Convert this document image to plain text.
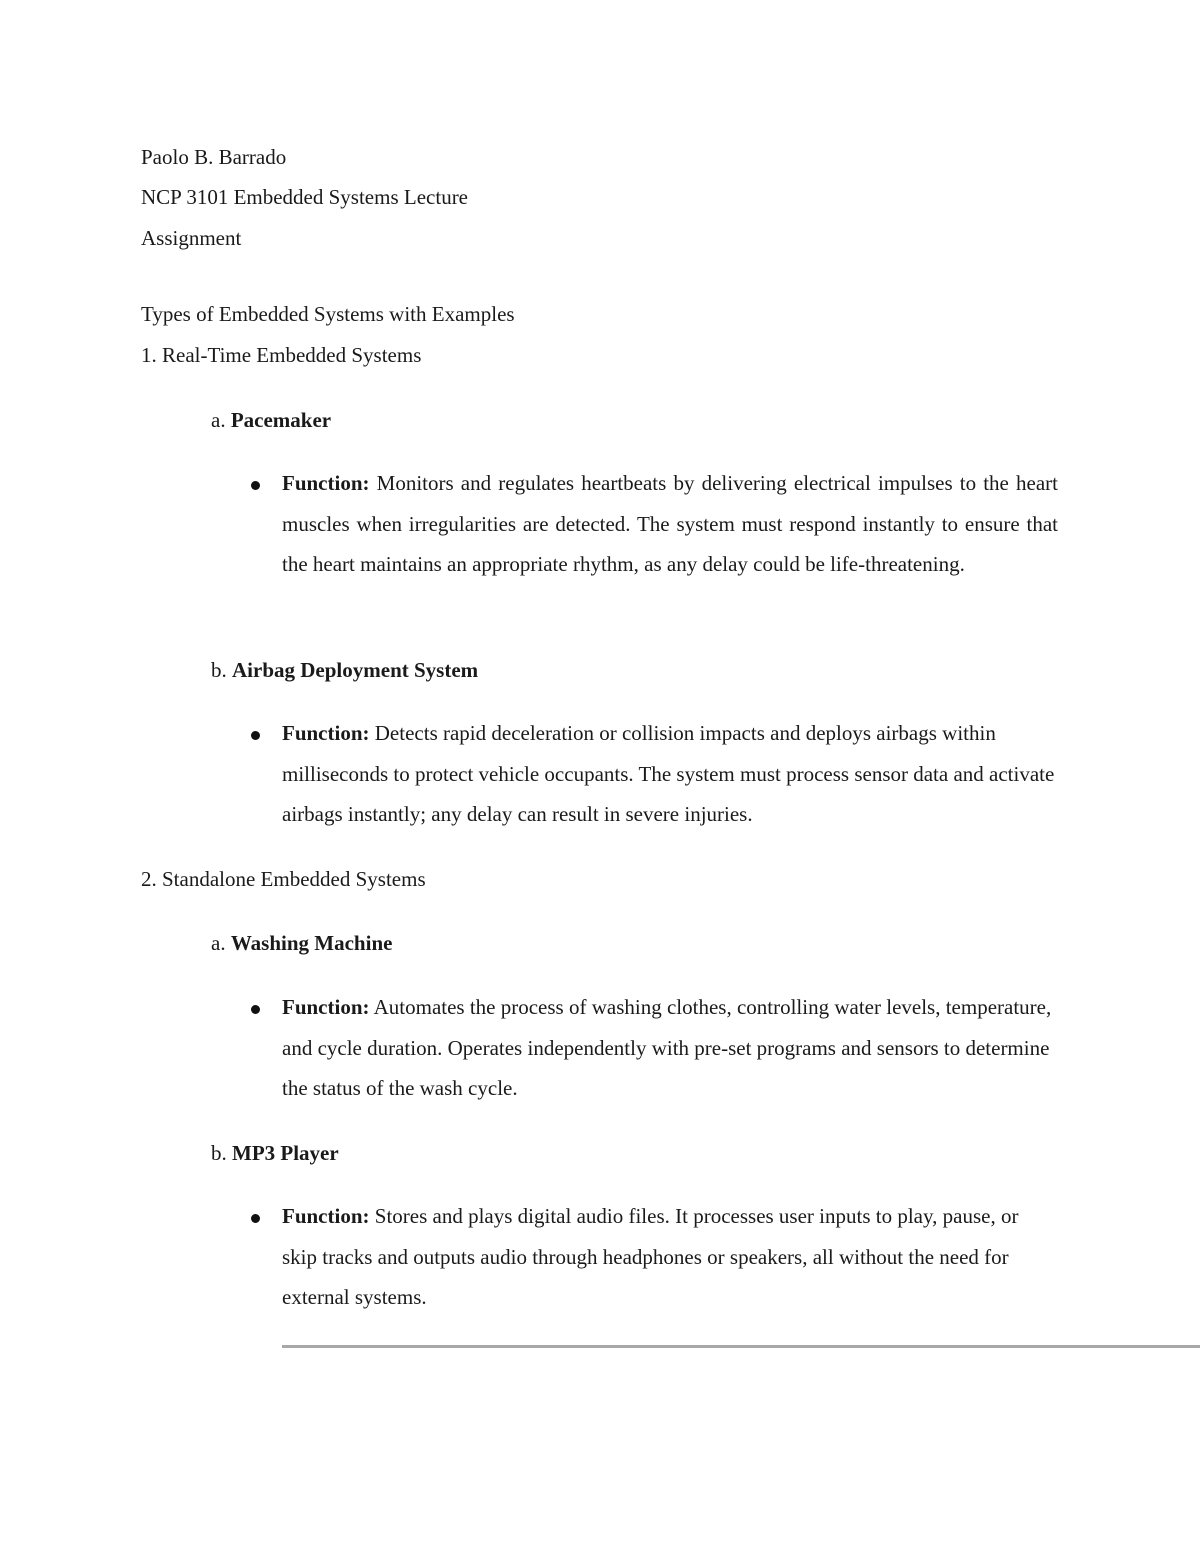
Paolo B. Barrado
NCP 3101 Embedded Systems Lecture
Assignment
Types of Embedded Systems with Examples
1. Real-Time Embedded Systems
a. Pacemaker
Function: Monitors and regulates heartbeats by delivering electrical impulses to the heart muscles when irregularities are detected. The system must respond instantly to ensure that the heart maintains an appropriate rhythm, as any delay could be life-threatening.
b. Airbag Deployment System
Function: Detects rapid deceleration or collision impacts and deploys airbags within milliseconds to protect vehicle occupants. The system must process sensor data and activate airbags instantly; any delay can result in severe injuries.
2. Standalone Embedded Systems
a. Washing Machine
Function: Automates the process of washing clothes, controlling water levels, temperature, and cycle duration. Operates independently with pre-set programs and sensors to determine the status of the wash cycle.
b. MP3 Player
Function: Stores and plays digital audio files. It processes user inputs to play, pause, or skip tracks and outputs audio through headphones or speakers, all without the need for external systems.
